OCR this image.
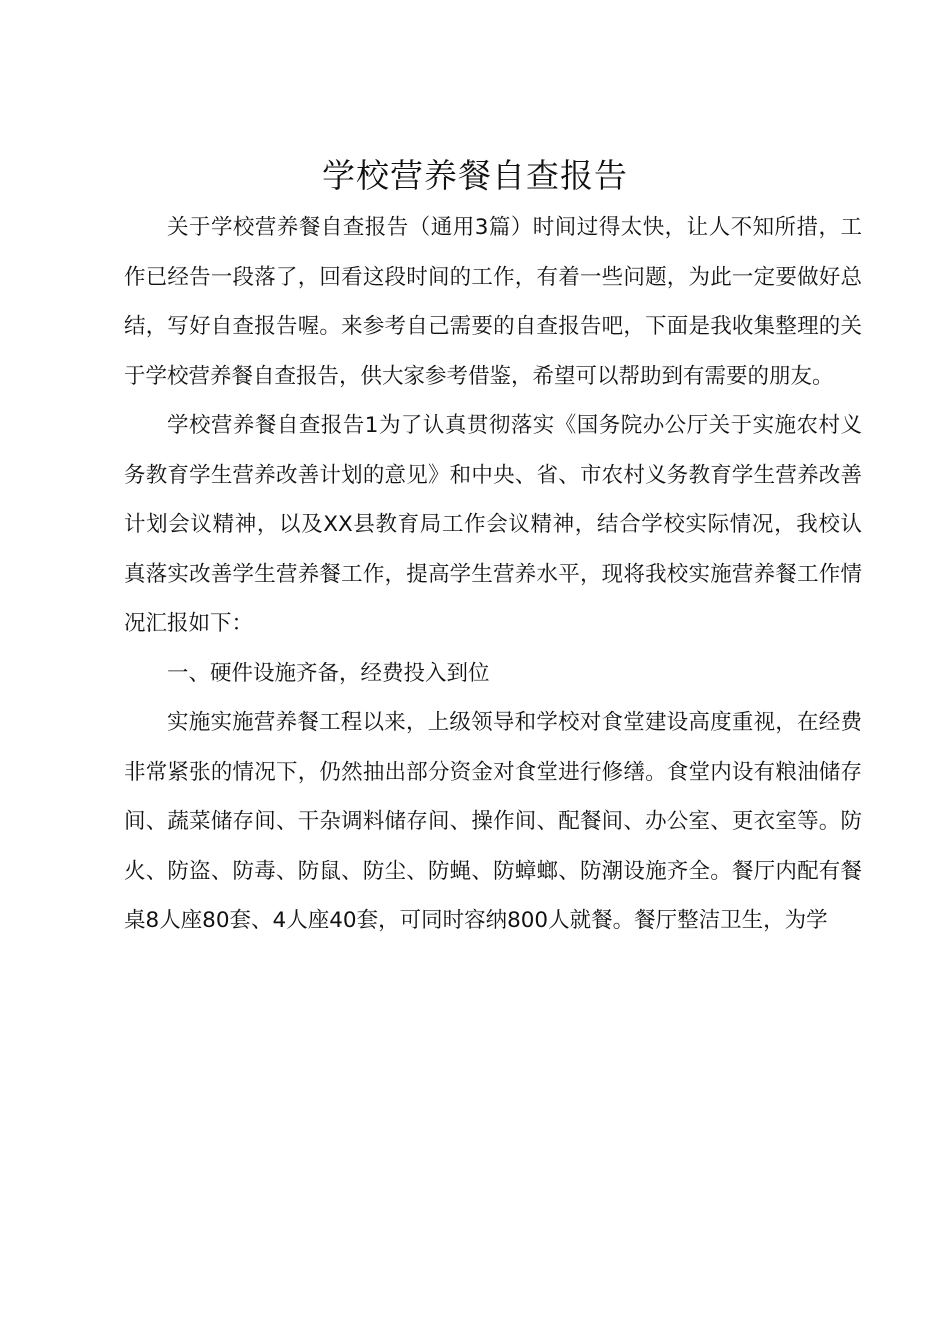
学校营养餐自查报告

关于学校营养餐自查报告（通用3篇）时间过得太快，让人不知所措，工作已经告一段落了，回看这段时间的工作，有着一些问题，为此一定要做好总结，写好自查报告喔。来参考自己需要的自查报告吧，下面是我收集整理的关于学校营养餐自查报告，供大家参考借鉴，希望可以帮助到有需要的朋友。

学校营养餐自查报告1为了认真贯彻落实《国务院办公厅关于实施农村义务教育学生营养改善计划的意见》和中央、省、市农村义务教育学生营养改善计划会议精神，以及XX县教育局工作会议精神，结合学校实际情况，我校认真落实改善学生营养餐工作，提高学生营养水平，现将我校实施营养餐工作情况汇报如下：

一、硬件设施齐备，经费投入到位

实施实施营养餐工程以来，上级领导和学校对食堂建设高度重视，在经费非常紧张的情况下，仍然抽出部分资金对食堂进行修缮。食堂内设有粮油储存间、蔬菜储存间、干杂调料储存间、操作间、配餐间、办公室、更衣室等。防火、防盗、防毒、防鼠、防尘、防蝇、防蟑螂、防潮设施齐全。餐厅内配有餐桌8人座80套、4人座40套，可同时容纳800人就餐。餐厅整洁卫生，为学
